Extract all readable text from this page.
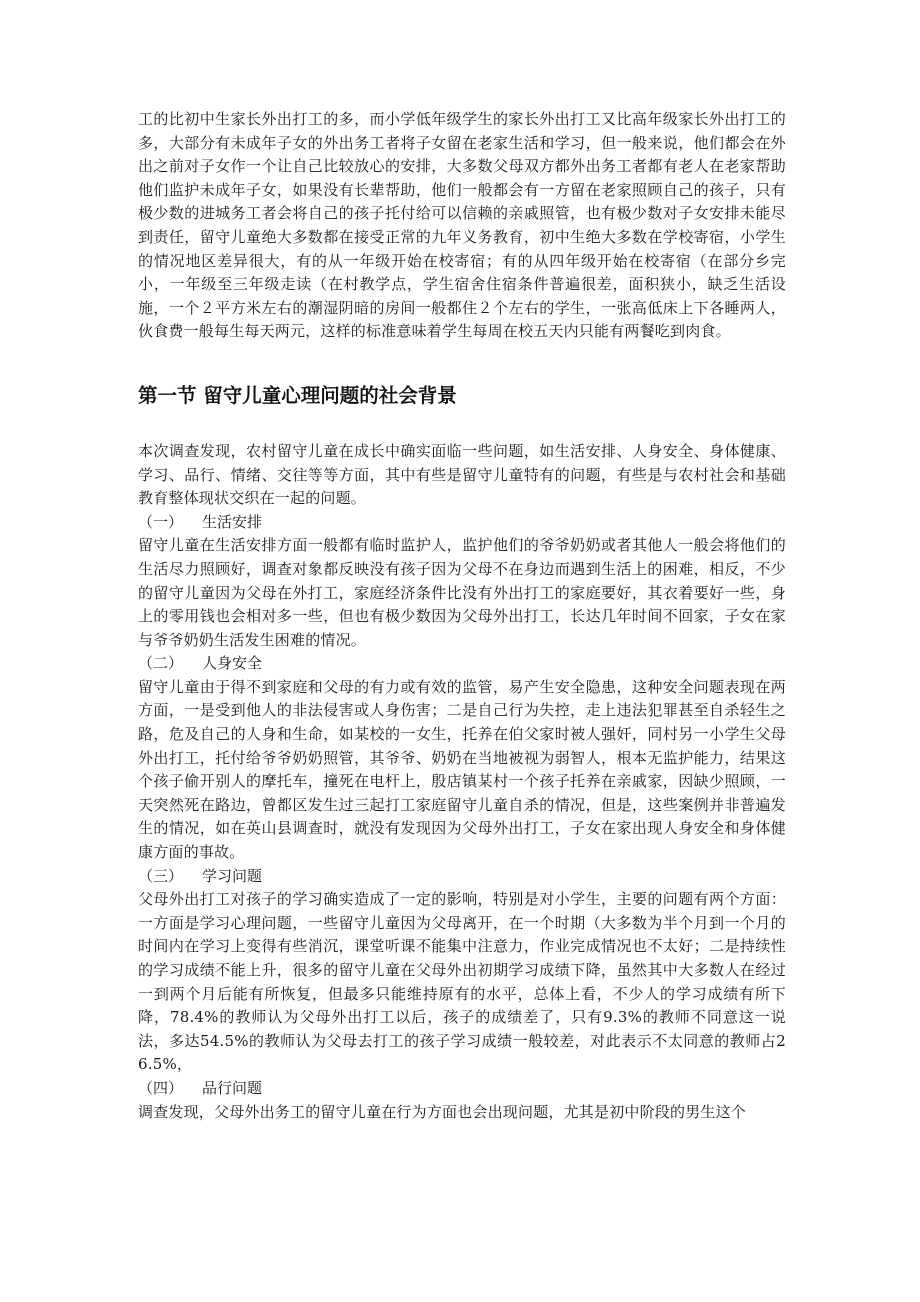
工的比初中生家长外出打工的多，而小学低年级学生的家长外出打工又比高年级家长外出打工的多，大部分有未成年子女的外出务工者将子女留在老家生活和学习，但一般来说，他们都会在外出之前对子女作一个让自己比较放心的安排，大多数父母双方都外出务工者都有老人在老家帮助他们监护未成年子女，如果没有长辈帮助，他们一般都会有一方留在老家照顾自己的孩子，只有极少数的进城务工者会将自己的孩子托付给可以信赖的亲戚照管，也有极少数对子女安排未能尽到责任，留守儿童绝大多数都在接受正常的九年义务教育，初中生绝大多数在学校寄宿，小学生的情况地区差异很大，有的从一年级开始在校寄宿；有的从四年级开始在校寄宿（在部分乡完小，一年级至三年级走读（在村教学点，学生宿舍住宿条件普遍很差，面积狭小，缺乏生活设施，一个２平方米左右的潮湿阴暗的房间一般都住２个左右的学生，一张高低床上下各睡两人，伙食费一般每生每天两元，这样的标准意味着学生每周在校五天内只能有两餐吃到肉食。

第一节 留守儿童心理问题的社会背景

本次调查发现，农村留守儿童在成长中确实面临一些问题，如生活安排、人身安全、身体健康、学习、品行、情绪、交往等等方面，其中有些是留守儿童特有的问题，有些是与农村社会和基础教育整体现状交织在一起的问题。

（一）	生活安排

留守儿童在生活安排方面一般都有临时监护人，监护他们的爷爷奶奶或者其他人一般会将他们的生活尽力照顾好，调查对象都反映没有孩子因为父母不在身边而遇到生活上的困难，相反，不少的留守儿童因为父母在外打工，家庭经济条件比没有外出打工的家庭要好，其衣着要好一些，身上的零用钱也会相对多一些，但也有极少数因为父母外出打工，长达几年时间不回家，子女在家与爷爷奶奶生活发生困难的情况。

（二）	人身安全

留守儿童由于得不到家庭和父母的有力或有效的监管，易产生安全隐患，这种安全问题表现在两方面，一是受到他人的非法侵害或人身伤害；二是自己行为失控，走上违法犯罪甚至自杀轻生之路，危及自己的人身和生命，如某校的一女生，托养在伯父家时被人强奸，同村另一小学生父母外出打工，托付给爷爷奶奶照管，其爷爷、奶奶在当地被视为弱智人，根本无监护能力，结果这个孩子偷开别人的摩托车，撞死在电杆上，殷店镇某村一个孩子托养在亲戚家，因缺少照顾，一天突然死在路边，曾都区发生过三起打工家庭留守儿童自杀的情况，但是，这些案例并非普遍发生的情况，如在英山县调查时，就没有发现因为父母外出打工，子女在家出现人身安全和身体健康方面的事故。

（三）	学习问题

父母外出打工对孩子的学习确实造成了一定的影响，特别是对小学生，主要的问题有两个方面：一方面是学习心理问题，一些留守儿童因为父母离开，在一个时期（大多数为半个月到一个月的时间内在学习上变得有些消沉，课堂听课不能集中注意力，作业完成情况也不太好；二是持续性的学习成绩不能上升，很多的留守儿童在父母外出初期学习成绩下降，虽然其中大多数人在经过一到两个月后能有所恢复，但最多只能维持原有的水平，总体上看，不少人的学习成绩有所下降，78.4%的教师认为父母外出打工以后，孩子的成绩差了，只有9.3%的教师不同意这一说法，多达54.5%的教师认为父母去打工的孩子学习成绩一般较差，对此表示不太同意的教师占26.5%，

（四）	品行问题

调查发现，父母外出务工的留守儿童在行为方面也会出现问题，尤其是初中阶段的男生这个
